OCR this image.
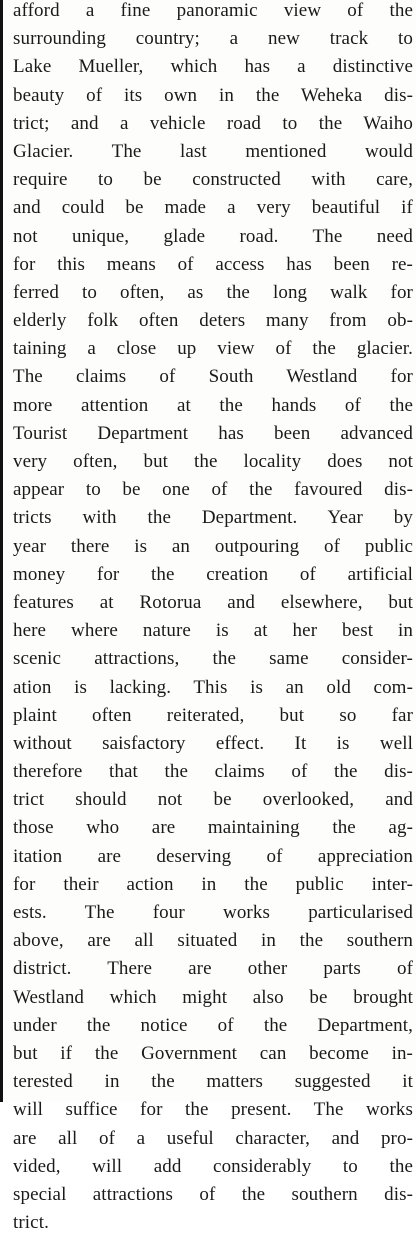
afford a fine panoramic view of the
surrounding country; a new track to
Lake Mueller, which has a distinctive
beauty of its own in the Weheka dis-
trict; and a vehicle road to the Waiho
Glacier. The last mentioned would
require to be constructed with care,
and could be made a very beautiful if
not unique, glade road. The need
for this means of access has been re-
ferred to often, as the long walk for
elderly folk often deters many from ob-
taining a close up view of the glacier.
The claims of South Westland for
more attention at the hands of the
Tourist Department has been advanced
very often, but the locality does not
appear to be one of the favoured dis-
tricts with the Department. Year by
year there is an outpouring of public
money for the creation of artificial
features at Rotorua and elsewhere, but
here where nature is at her best in
scenic attractions, the same consider-
ation is lacking. This is an old com-
plaint often reiterated, but so far
without saisfactory effect. It is well
therefore that the claims of the dis-
trict should not be overlooked, and
those who are maintaining the ag-
itation are deserving of appreciation
for their action in the public inter-
ests. The four works particularised
above, are all situated in the southern
district. There are other parts of
Westland which might also be brought
under the notice of the Department,
but if the Government can become in-
terested in the matters suggested it
will suffice for the present. The works
are all of a useful character, and pro-
vided, will add considerably to the
special attractions of the southern dis-
trict.
